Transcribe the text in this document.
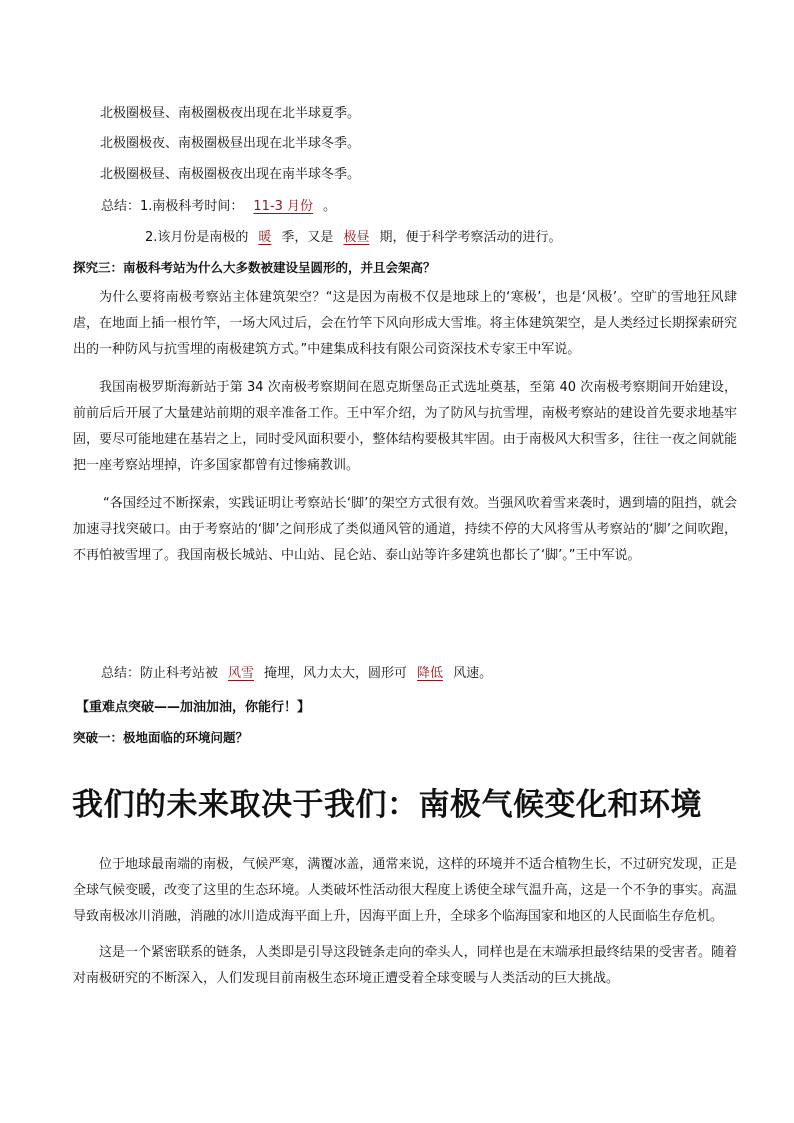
北极圈极昼、南极圈极夜出现在北半球夏季。
北极圈极夜、南极圈极昼出现在北半球冬季。
北极圈极昼、南极圈极夜出现在南半球冬季。
总结：1.南极科考时间： 11-3 月份 。
2.该月份是南极的 暖 季，又是 极昼 期，便于科学考察活动的进行。
探究三：南极科考站为什么大多数被建设呈圆形的，并且会架高？

为什么要将南极考察站主体建筑架空？“这是因为南极不仅是地球上的‘寒极’，也是‘风极’。空旷的雪地狂风肆虐，在地面上插一根竹竿，一场大风过后，会在竹竿下风向形成大雪堆。将主体建筑架空，是人类经过长期探索研究出的一种防风与抗雪埋的南极建筑方式。”中建集成科技有限公司资深技术专家王中军说。

我国南极罗斯海新站于第 34 次南极考察期间在恩克斯堡岛正式选址奠基，至第 40 次南极考察期间开始建设，前前后后开展了大量建站前期的艰辛准备工作。王中军介绍，为了防风与抗雪埋，南极考察站的建设首先要求地基牢固，要尽可能地建在基岩之上，同时受风面积要小，整体结构要极其牢固。由于南极风大积雪多，往往一夜之间就能把一座考察站埋掉，许多国家都曾有过惨痛教训。

“各国经过不断探索，实践证明让考察站长‘脚’的架空方式很有效。当强风吹着雪来袭时，遇到墙的阻挡，就会加速寻找突破口。由于考察站的‘脚’之间形成了类似通风管的通道，持续不停的大风将雪从考察站的‘脚’之间吹跑，不再怕被雪埋了。我国南极长城站、中山站、昆仑站、泰山站等许多建筑也都长了‘脚’。”王中军说。

总结：防止科考站被 风雪 掩埋，风力太大，圆形可 降低 风速。
【重难点突破——加油加油，你能行！】
突破一：极地面临的环境问题？
我们的未来取决于我们：南极气候变化和环境

位于地球最南端的南极，气候严寒，满覆冰盖，通常来说，这样的环境并不适合植物生长，不过研究发现，正是全球气候变暖，改变了这里的生态环境。人类破坏性活动很大程度上诱使全球气温升高，这是一个不争的事实。高温导致南极冰川消融，消融的冰川造成海平面上升，因海平面上升，全球多个临海国家和地区的人民面临生存危机。

这是一个紧密联系的链条，人类即是引导这段链条走向的牵头人，同样也是在末端承担最终结果的受害者。随着对南极研究的不断深入，人们发现目前南极生态环境正遭受着全球变暖与人类活动的巨大挑战。
